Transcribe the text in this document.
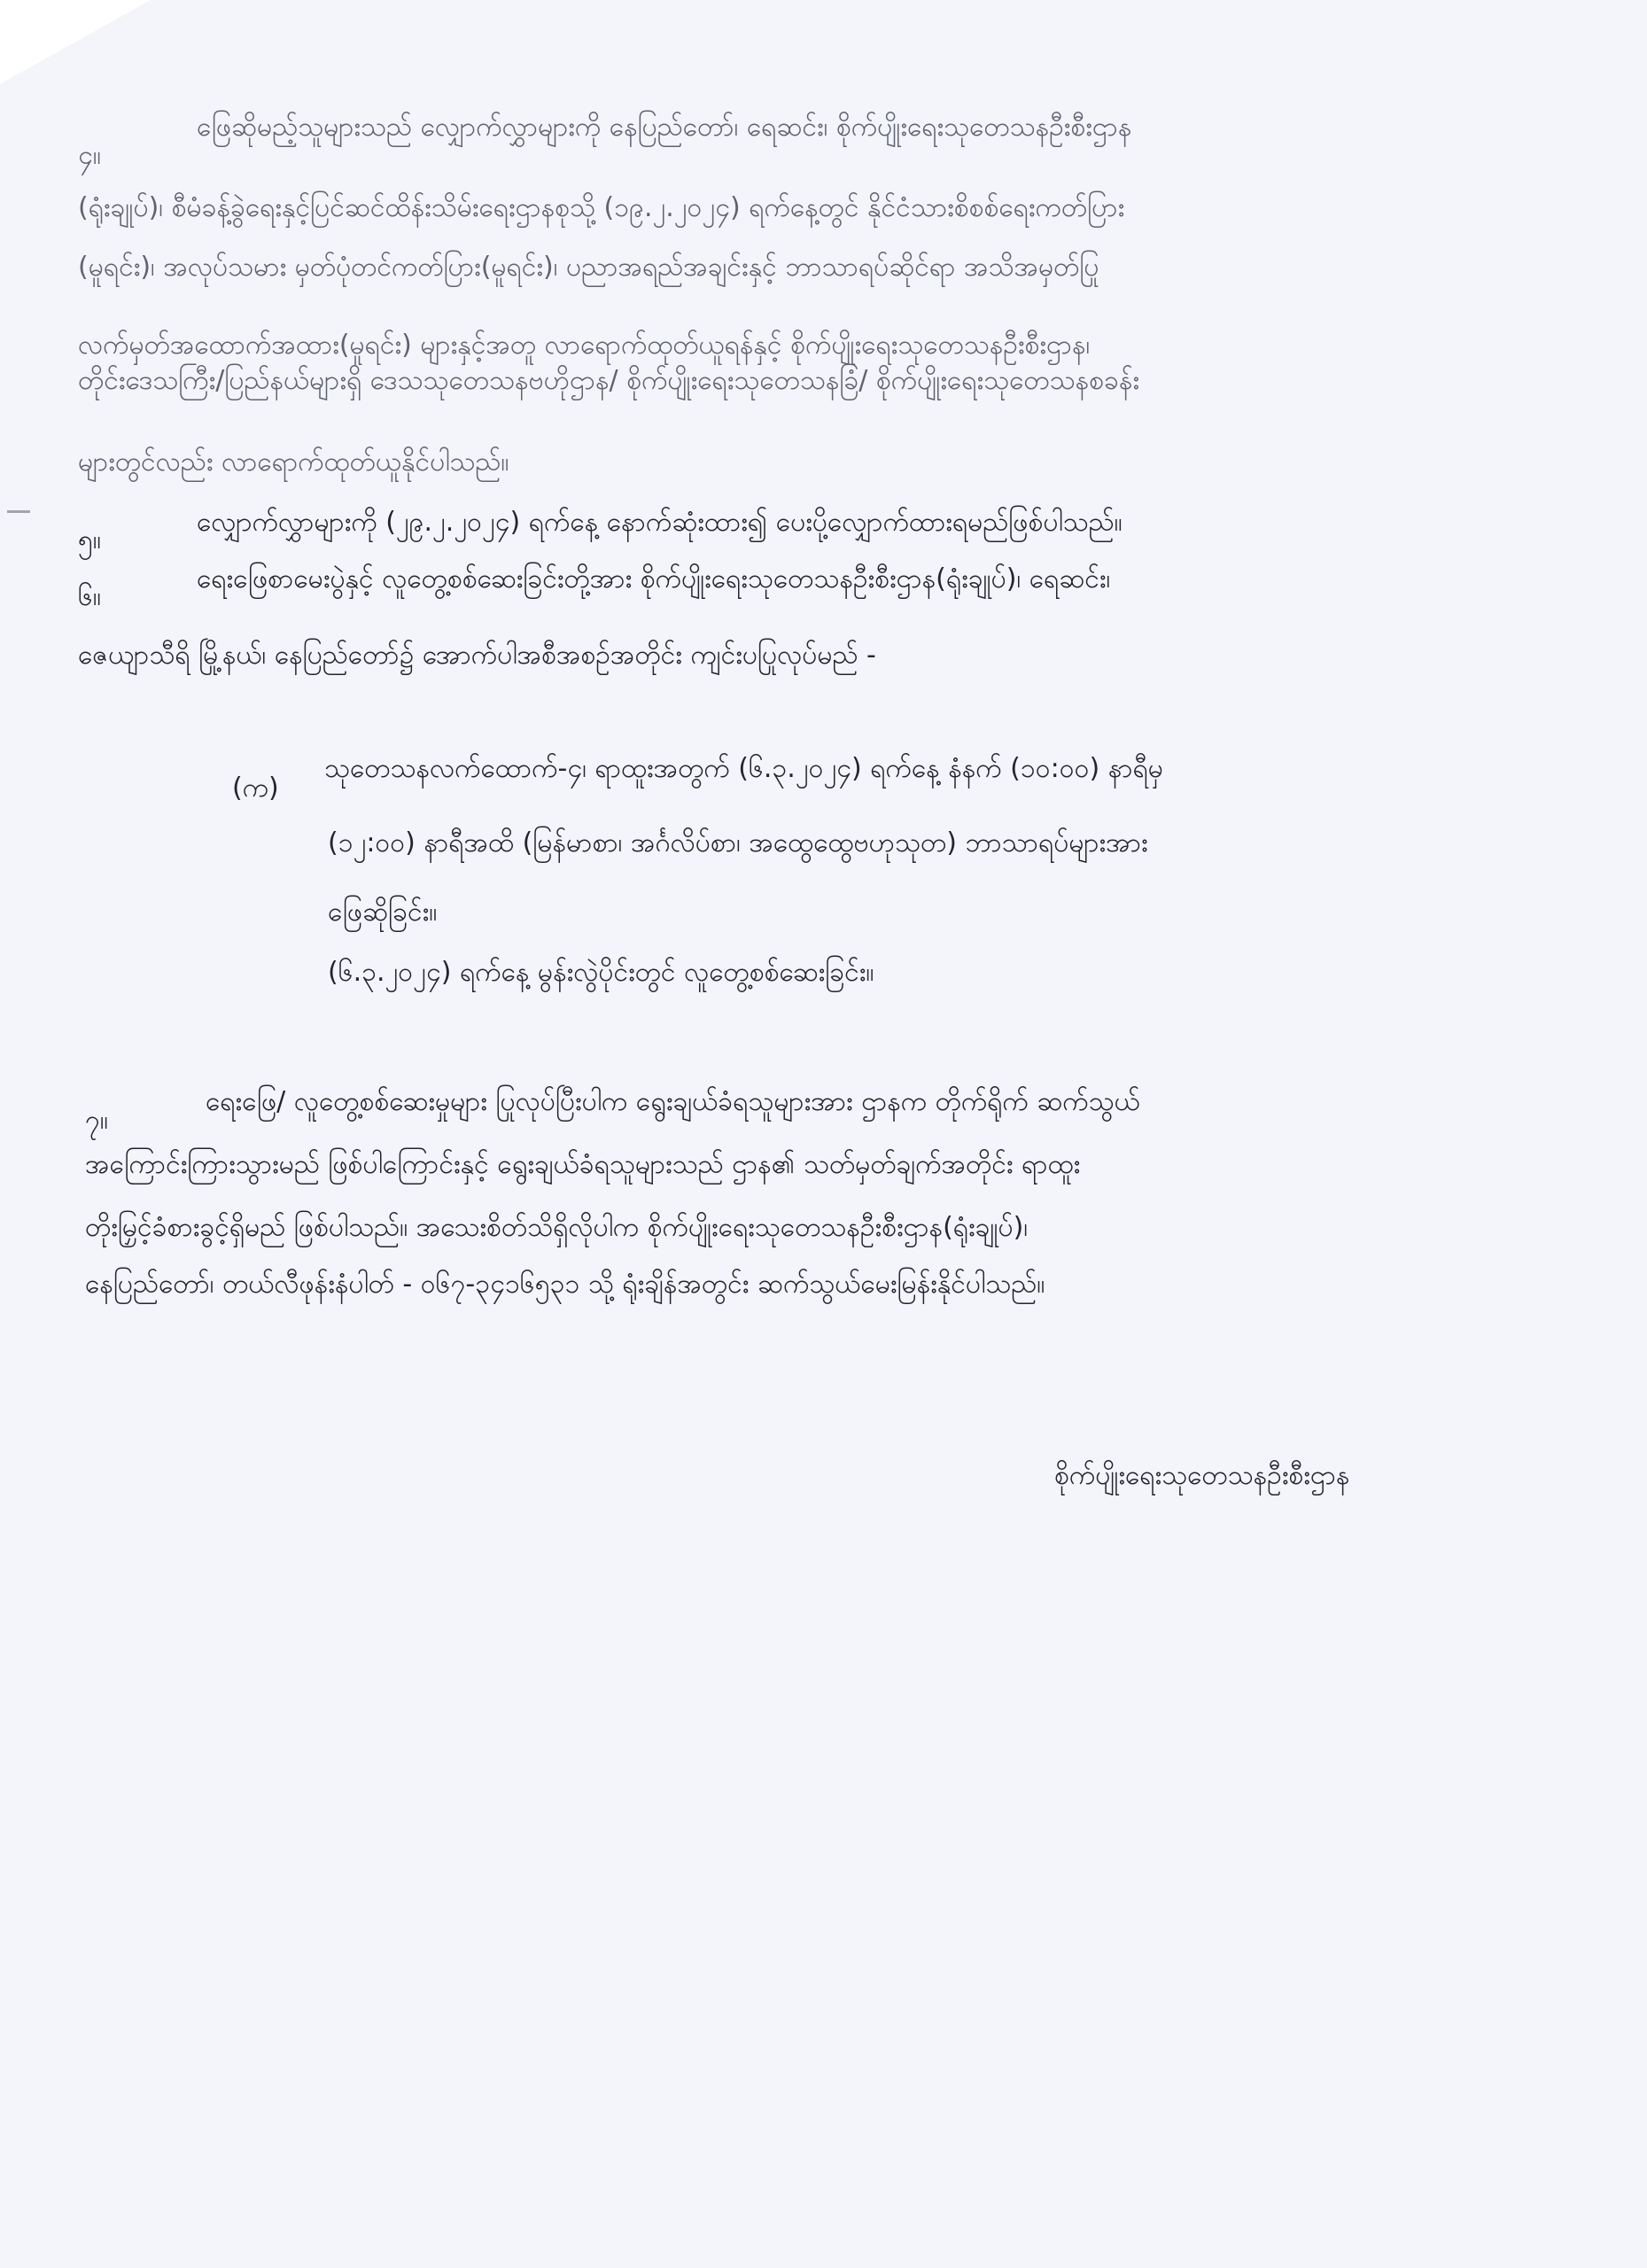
၄။
ဖြေဆိုမည့်သူများသည် လျှောက်လွှာများကို နေပြည်တော်၊ ရေဆင်း၊ စိုက်ပျိုးရေးသုတေသနဦးစီးဌာန
(ရုံးချုပ်)၊ စီမံခန့်ခွဲရေးနှင့်ပြင်ဆင်ထိန်းသိမ်းရေးဌာနစုသို့ (၁၉.၂.၂၀၂၄) ရက်နေ့တွင် နိုင်ငံသားစိစစ်ရေးကတ်ပြား
(မူရင်း)၊ အလုပ်သမား မှတ်ပုံတင်ကတ်ပြား(မူရင်း)၊ ပညာအရည်အချင်းနှင့် ဘာသာရပ်ဆိုင်ရာ အသိအမှတ်ပြု
လက်မှတ်အထောက်အထား(မူရင်း) များနှင့်အတူ လာရောက်ထုတ်ယူရန်နှင့် စိုက်ပျိုးရေးသုတေသနဦးစီးဌာန၊
တိုင်းဒေသကြီး/ပြည်နယ်များရှိ ဒေသသုတေသနဗဟိုဌာန/ စိုက်ပျိုးရေးသုတေသနခြံ/ စိုက်ပျိုးရေးသုတေသနစခန်း
များတွင်လည်း လာရောက်ထုတ်ယူနိုင်ပါသည်။
၅။
လျှောက်လွှာများကို (၂၉.၂.၂၀၂၄) ရက်နေ့ နောက်ဆုံးထား၍ ပေးပို့လျှောက်ထားရမည်ဖြစ်ပါသည်။
၆။
ရေးဖြေစာမေးပွဲနှင့် လူတွေ့စစ်ဆေးခြင်းတို့အား စိုက်ပျိုးရေးသုတေသနဦးစီးဌာန(ရုံးချုပ်)၊ ရေဆင်း၊
ဇေယျာသီရိ မြို့နယ်၊ နေပြည်တော်၌ အောက်ပါအစီအစဉ်အတိုင်း ကျင်းပပြုလုပ်မည် -
(က)
သုတေသနလက်ထောက်-၄၊ ရာထူးအတွက် (၆.၃.၂၀၂၄) ရက်နေ့ နံနက် (၁၀:၀၀) နာရီမှ
(၁၂:၀၀) နာရီအထိ (မြန်မာစာ၊ အင်္ဂလိပ်စာ၊ အထွေထွေဗဟုသုတ) ဘာသာရပ်များအား
ဖြေဆိုခြင်း။
(၆.၃.၂၀၂၄) ရက်နေ့ မွန်းလွဲပိုင်းတွင် လူတွေ့စစ်ဆေးခြင်း။
၇။
ရေးဖြေ/ လူတွေ့စစ်ဆေးမှုများ ပြုလုပ်ပြီးပါက ရွေးချယ်ခံရသူများအား ဌာနက တိုက်ရိုက် ဆက်သွယ်
အကြောင်းကြားသွားမည် ဖြစ်ပါကြောင်းနှင့် ရွေးချယ်ခံရသူများသည် ဌာန၏ သတ်မှတ်ချက်အတိုင်း ရာထူး
တိုးမြှင့်ခံစားခွင့်ရှိမည် ဖြစ်ပါသည်။ အသေးစိတ်သိရှိလိုပါက စိုက်ပျိုးရေးသုတေသနဦးစီးဌာန(ရုံးချုပ်)၊
နေပြည်တော်၊ တယ်လီဖုန်းနံပါတ် - ၀၆၇-၃၄၁၆၅၃၁ သို့ ရုံးချိန်အတွင်း ဆက်သွယ်မေးမြန်းနိုင်ပါသည်။
စိုက်ပျိုးရေးသုတေသနဦးစီးဌာန
